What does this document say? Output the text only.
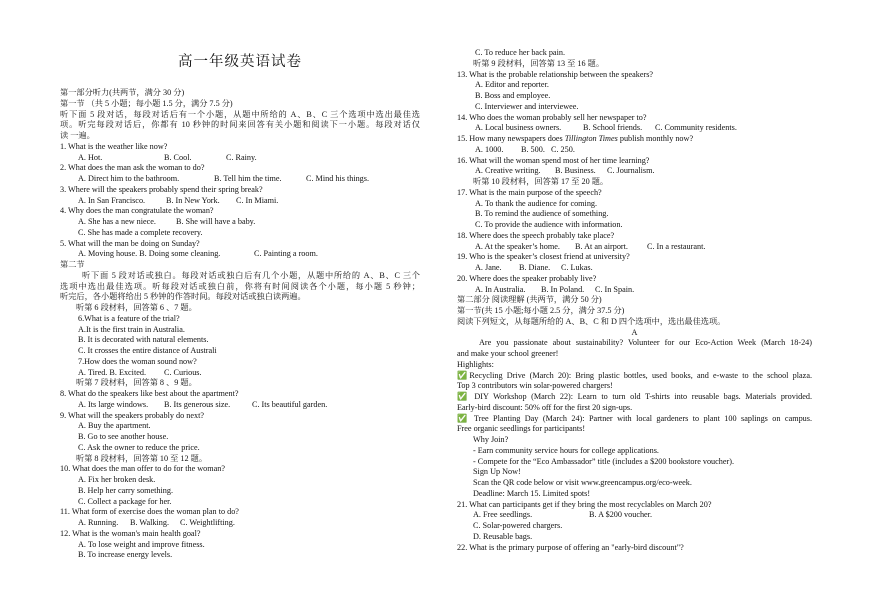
高一年级英语试卷
第一部分听力(共两节，满分 30 分)
第一节 （共 5 小题；每小题 1.5 分，满分 7.5 分)
听下面 5 段对话，每段对话后有一个小题，从题中所给的 A、B、C 三个选项中选出最佳选
项。听完每段对话后，你都有 10 秒钟的时间来回答有关小题和阅读下一小题。每段对话仅
读 一遍。
1. What is the weather like now?
A. Hot.	B. Cool.	C. Rainy.
2. What does the man ask the woman to do?
A. Direct him to the bathroom.	B. Tell him the time.	C. Mind his things.
3. Where will the speakers probably spend their spring break?
A. In San Francisco.	B. In New York. C. In Miami.
4. Why does the man congratulate the woman?
A. She has a new niece. B. She will have a baby.
C. She has made a complete recovery.
5. What will the man be doing on Sunday?
A. Moving house. B. Doing some cleaning.	C. Painting a room.
第二节
听下面 5 段对话或独白。每段对话或独白后有几个小题，从题中所给的 A、B、C 三个
选项中选出最佳选项。听每段对话或独白前，你将有时间阅读各个小题，每小题 5 秒钟；
听完后，各小题将给出 5 秒钟的作答时间。每段对话或独白读两遍。
听第 6 段材料，回答第 6 、7 题。
6.What is a feature of the trial?
A.It is the first train in Australia.
B. It is decorated with natural elements.
C. It crosses the entire distance of Australi
7.How does the woman sound now?
A. Tired. B. Excited. C. Curious.
听第 7 段材料，回答第 8 、9 题。
8. What do the speakers like best about the apartment?
A. Its large windows. B. Its generous size.	C. Its beautiful garden.
9. What will the speakers probably do next?
A. Buy the apartment.
B. Go to see another house.
C. Ask the owner to reduce the price.
听第 8 段材料，回答第 10 至 12 题。
10. What does the man offer to do for the woman?
A. Fix her broken desk.
B. Help her carry something.
C. Collect a package for her.
11. What form of exercise does the woman plan to do?
A. Running. B. Walking. C. Weightlifting.
12. What is the woman's main health goal?
A. To lose weight and improve fitness.
B. To increase energy levels.
C. To reduce her back pain.
听第 9 段材料，回答第 13 至 16 题。
13. What is the probable relationship between the speakers?
A. Editor and reporter.
B. Boss and employee.
C. Interviewer and interviewee.
14. Who does the woman probably sell her newspaper to?
A. Local business owners.	B. School friends. C. Community residents.
15. How many newspapers does Tillington Times publish monthly now?
A. 1000. B. 500. C. 250.
16. What will the woman spend most of her time learning?
A. Creative writing. B. Business. C. Journalism.
听第 10 段材料，回答第 17 至 20 题。
17. What is the main purpose of the speech?
A. To thank the audience for coming.
B. To remind the audience of something.
C. To provide the audience with information.
18. Where does the speech probably take place?
A. At the speaker’s home. B. At an airport. C. In a restaurant.
19. Who is the speaker’s closest friend at university?
A. Jane. B. Diane. C. Lukas.
20. Where does the speaker probably live?
A. In Australia. B. In Poland. C. In Spain.
第二部分 阅读理解 (共两节，满分 50 分)
第一节(共 15 小题;每小题 2.5 分，满分 37.5 分)
阅读下列短文，从每题所给的 A、B、C 和 D 四个选项中，选出最佳选项。
A
Are you passionate about sustainability? Volunteer for our Eco-Action Week (March 18-24)
and make your school greener!
Highlights:
✅Recycling Drive (March 20): Bring plastic bottles, used books, and e-waste to the school plaza.
Top 3 contributors win solar-powered chargers!
✅ DIY Workshop (March 22): Learn to turn old T-shirts into reusable bags. Materials provided.
Early-bird discount: 50% off for the first 20 sign-ups.
✅ Tree Planting Day (March 24): Partner with local gardeners to plant 100 saplings on campus.
Free organic seedlings for participants!
Why Join?
- Earn community service hours for college applications.
- Compete for the “Eco Ambassador” title (includes a $200 bookstore voucher).
Sign Up Now!
Scan the QR code below or visit www.greencampus.org/eco-week.
Deadline: March 15. Limited spots!
21. What can participants get if they bring the most recyclables on March 20?
A. Free seedlings.	B. A $200 voucher.
C. Solar-powered chargers.
D. Reusable bags.
22. What is the primary purpose of offering an "early-bird discount"?
